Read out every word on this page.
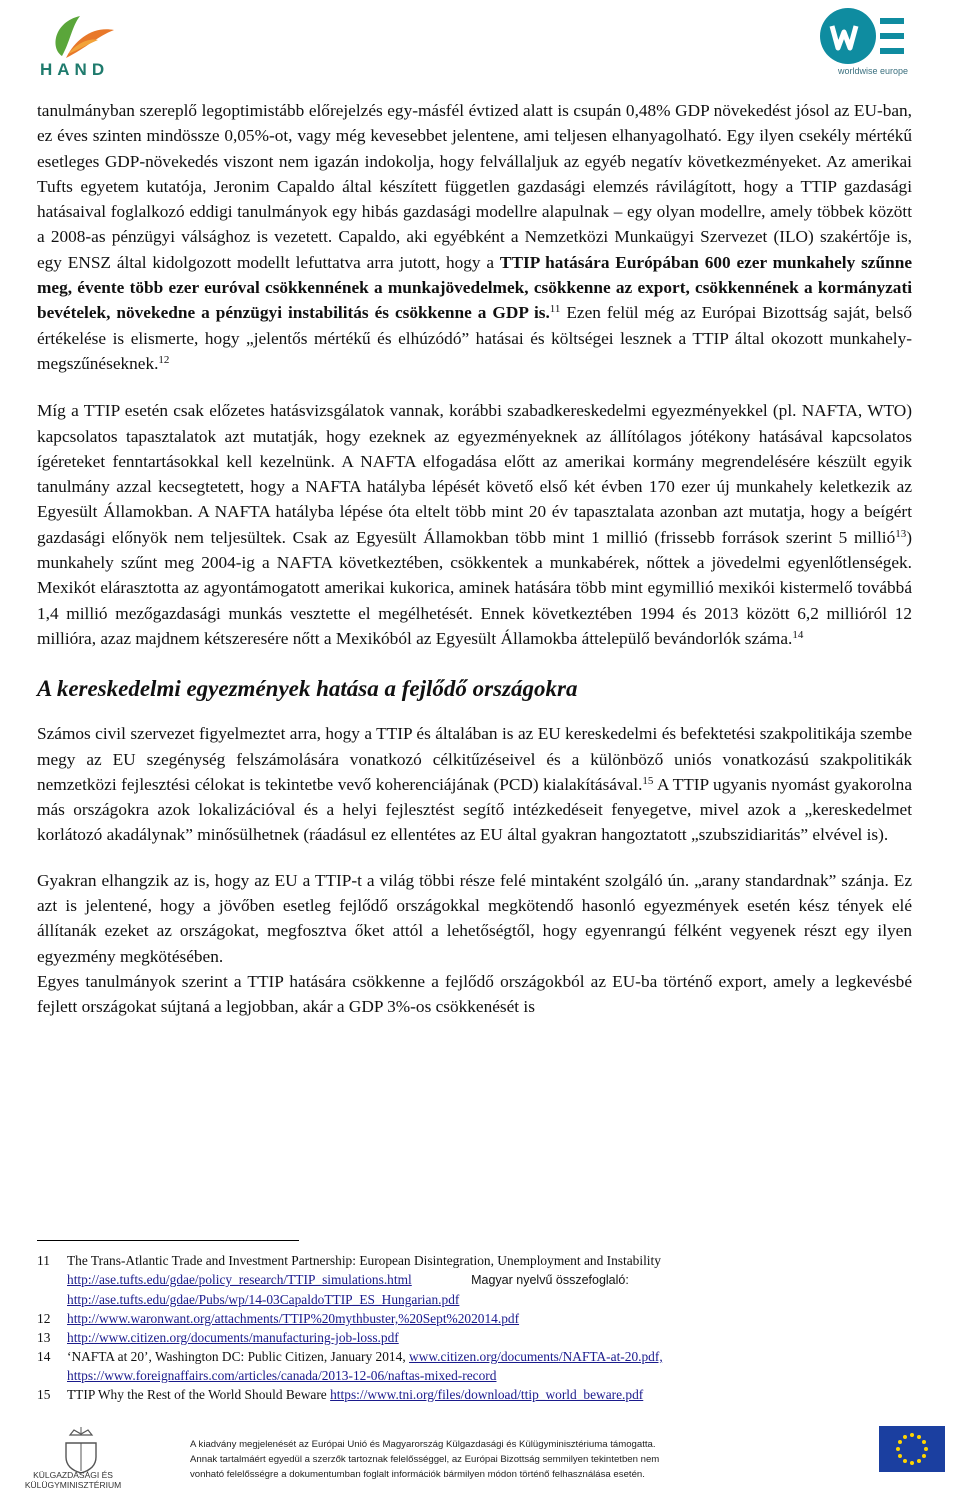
HAND	worldwise europe

tanulmányban szereplő legoptimistább előrejelzés egy-másfél évtized alatt is csupán 0,48% GDP növekedést jósol az EU-ban, ez éves szinten mindössze 0,05%-ot, vagy még kevesebbet jelentene, ami teljesen elhanyagolható. Egy ilyen csekély mértékű esetleges GDP-növekedés viszont nem igazán indokolja, hogy felvállaljuk az egyéb negatív következményeket. Az amerikai Tufts egyetem kutatója, Jeronim Capaldo által készített független gazdasági elemzés rávilágított, hogy a TTIP gazdasági hatásaival foglalkozó eddigi tanulmányok egy hibás gazdasági modellre alapulnak – egy olyan modellre, amely többek között a 2008-as pénzügyi válsághoz is vezetett. Capaldo, aki egyébként a Nemzetközi Munkaügyi Szervezet (ILO) szakértője is, egy ENSZ által kidolgozott modellt lefuttatva arra jutott, hogy a TTIP hatására Európában 600 ezer munkahely szűnne meg, évente több ezer euróval csökkennének a munkajövedelmek, csökkenne az export, csökkennének a kormányzati bevételek, növekedne a pénzügyi instabilitás és csökkenne a GDP is.$^{11}$ Ezen felül még az Európai Bizottság saját, belső értékelése is elismerte, hogy „jelentős mértékű és elhúzódó” hatásai és költségei lesznek a TTIP által okozott munkahely-megszűnéseknek.$^{12}$

Míg a TTIP esetén csak előzetes hatásvizsgálatok vannak, korábbi szabadkereskedelmi egyezményekkel (pl. NAFTA, WTO) kapcsolatos tapasztalatok azt mutatják, hogy ezeknek az egyezményeknek az állítólagos jótékony hatásával kapcsolatos ígéreteket fenntartásokkal kell kezelnünk. A NAFTA elfogadása előtt az amerikai kormány megrendelésére készült egyik tanulmány azzal kecsegtetett, hogy a NAFTA hatályba lépését követő első két évben 170 ezer új munkahely keletkezik az Egyesült Államokban. A NAFTA hatályba lépése óta eltelt több mint 20 év tapasztalata azonban azt mutatja, hogy a beígért gazdasági előnyök nem teljesültek. Csak az Egyesült Államokban több mint 1 millió (frissebb források szerint 5 millió$^{13}$) munkahely szűnt meg 2004-ig a NAFTA következtében, csökkentek a munkabérek, nőttek a jövedelmi egyenlőtlenségek. Mexikót elárasztotta az agyontámogatott amerikai kukorica, aminek hatására több mint egymillió mexikói kistermelő továbbá 1,4 millió mezőgazdasági munkás vesztette el megélhetését. Ennek következtében 1994 és 2013 között 6,2 millióról 12 millióra, azaz majdnem kétszeresére nőtt a Mexikóból az Egyesült Államokba áttelepülő bevándorlók száma.$^{14}$

A kereskedelmi egyezmények hatása a fejlődő országokra

Számos civil szervezet figyelmeztet arra, hogy a TTIP és általában is az EU kereskedelmi és befektetési szakpolitikája szembe megy az EU szegénység felszámolására vonatkozó célkitűzéseivel és a különböző uniós vonatkozású szakpolitikák nemzetközi fejlesztési célokat is tekintetbe vevő koherenciájának (PCD) kialakításával.$^{15}$ A TTIP ugyanis nyomást gyakorolna más országokra azok lokalizációval és a helyi fejlesztést segítő intézkedéseit fenyegetve, mivel azok a „kereskedelmet korlátozó akadálynak” minősülhetnek (ráadásul ez ellentétes az EU által gyakran hangoztatott „szubszidiaritás” elvével is).

Gyakran elhangzik az is, hogy az EU a TTIP-t a világ többi része felé mintaként szolgáló ún. „arany standardnak” szánja. Ez azt is jelentené, hogy a jövőben esetleg fejlődő országokkal megkötendő hasonló egyezmények esetén kész tények elé állítanák ezeket az országokat, megfosztva őket attól a lehetőségtől, hogy egyenrangú félként vegyenek részt egy ilyen egyezmény megkötésében.

Egyes tanulmányok szerint a TTIP hatására csökkenne a fejlődő országokból az EU-ba történő export, amely a legkevésbé fejlett országokat sújtaná a legjobban, akár a GDP 3%-os csökkenését is

11 The Trans-Atlantic Trade and Investment Partnership: European Disintegration, Unemployment and Instability
http://ase.tufts.edu/gdae/policy_research/TTIP_simulations.html	Magyar nyelvű összefoglaló:
http://ase.tufts.edu/gdae/Pubs/wp/14-03CapaldoTTIP_ES_Hungarian.pdf
12 http://www.waronwant.org/attachments/TTIP%20mythbuster,%20Sept%202014.pdf
13 http://www.citizen.org/documents/manufacturing-job-loss.pdf
14 ‘NAFTA at 20’, Washington DC: Public Citizen, January 2014, www.citizen.org/documents/NAFTA-at-20.pdf,
https://www.foreignaffairs.com/articles/canada/2013-12-06/naftas-mixed-record
15 TTIP Why the Rest of the World Should Beware https://www.tni.org/files/download/ttip_world_beware.pdf
KÜLGAZDASÁGI ÉS
KÜLÜGYMINISZTÉRIUM
A kiadvány megjelenését az Európai Unió és Magyarország Külgazdasági és Külügyminisztériuma támogatta.
Annak tartalmáért egyedül a szerzők tartoznak felelősséggel, az Európai Bizottság semmilyen tekintetben nem
vonható felelősségre a dokumentumban foglalt információk bármilyen módon történő felhasználása esetén.
